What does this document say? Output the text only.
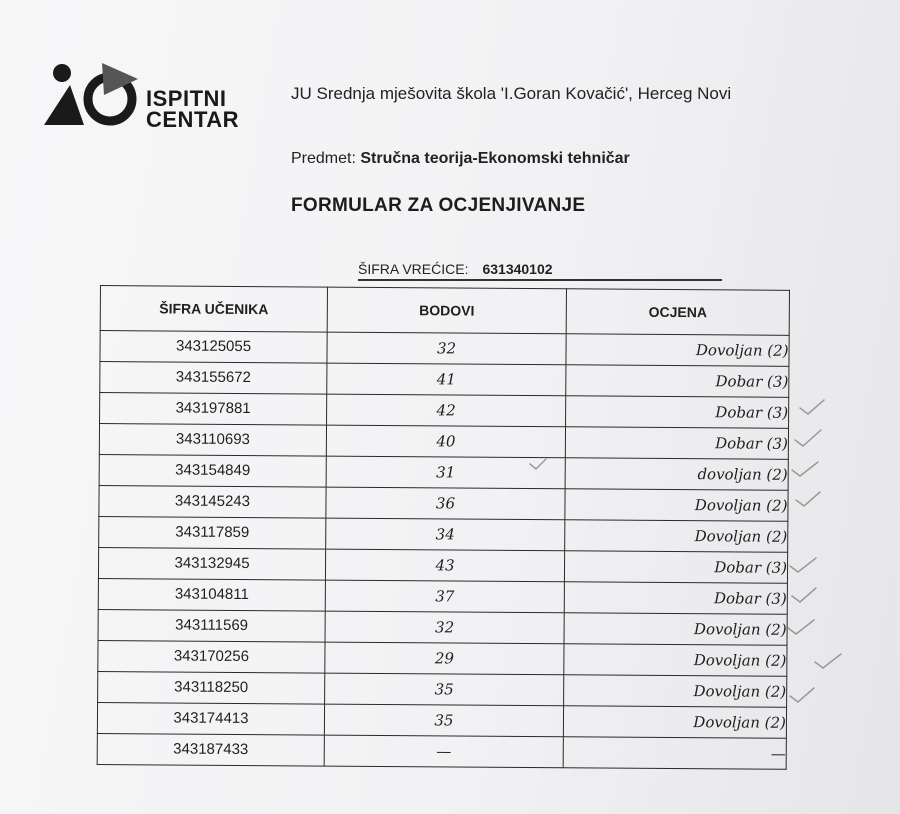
ISPITNI
CENTAR
JU Srednja mješovita škola 'I.Goran Kovačić', Herceg Novi
Predmet: Stručna teorija-Ekonomski tehničar
FORMULAR ZA OCJENJIVANJE
ŠIFRA VREĆICE: 631340102
ŠIFRA UČENIKA	BODOVI	OCJENA
343125055	32	Dovoljan (2)
343155672	41	Dobar (3)
343197881	42	Dobar (3)
343110693	40	Dobar (3)
343154849	31	dovoljan (2)
343145243	36	Dovoljan (2)
343117859	34	Dovoljan (2)
343132945	43	Dobar (3)
343104811	37	Dobar (3)
343111569	32	Dovoljan (2)
343170256	29	Dovoljan (2)
343118250	35	Dovoljan (2)
343174413	35	Dovoljan (2)
343187433	—	—
